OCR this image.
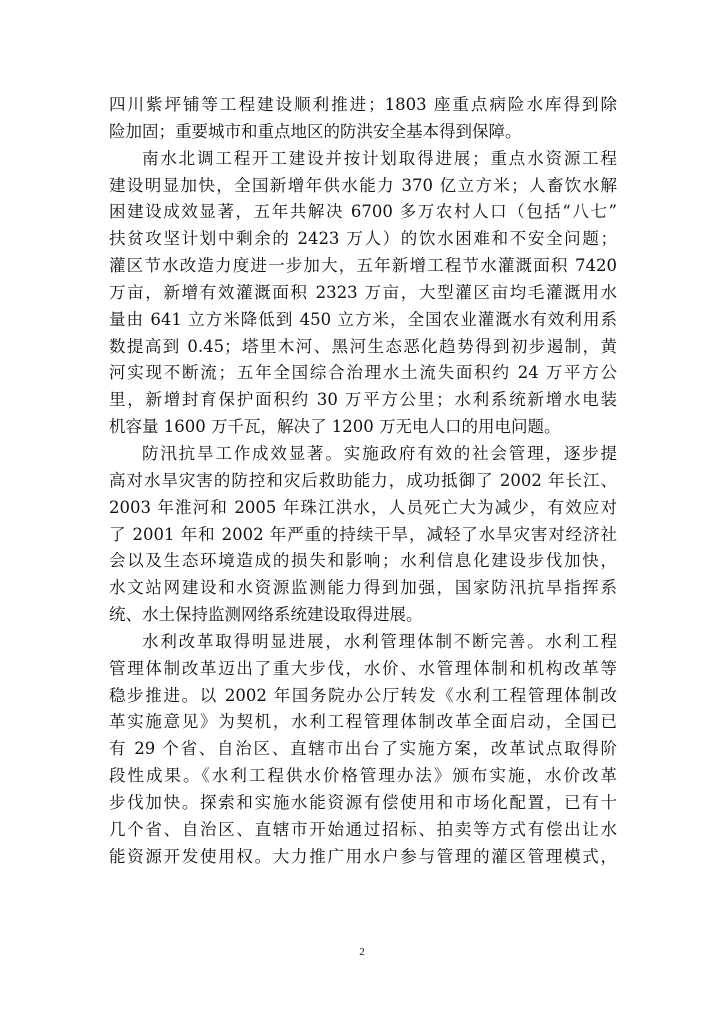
四川紫坪铺等工程建设顺利推进；1803 座重点病险水库得到除
险加固；重要城市和重点地区的防洪安全基本得到保障。
南水北调工程开工建设并按计划取得进展；重点水资源工程
建设明显加快，全国新增年供水能力 370 亿立方米；人畜饮水解
困建设成效显著，五年共解决 6700 多万农村人口（包括“八七”
扶贫攻坚计划中剩余的 2423 万人）的饮水困难和不安全问题；
灌区节水改造力度进一步加大，五年新增工程节水灌溉面积 7420
万亩，新增有效灌溉面积 2323 万亩，大型灌区亩均毛灌溉用水
量由 641 立方米降低到 450 立方米，全国农业灌溉水有效利用系
数提高到 0.45；塔里木河、黑河生态恶化趋势得到初步遏制，黄
河实现不断流；五年全国综合治理水土流失面积约 24 万平方公
里，新增封育保护面积约 30 万平方公里；水利系统新增水电装
机容量 1600 万千瓦，解决了 1200 万无电人口的用电问题。
防汛抗旱工作成效显著。实施政府有效的社会管理，逐步提
高对水旱灾害的防控和灾后救助能力，成功抵御了 2002 年长江、
2003 年淮河和 2005 年珠江洪水，人员死亡大为减少，有效应对
了 2001 年和 2002 年严重的持续干旱，减轻了水旱灾害对经济社
会以及生态环境造成的损失和影响；水利信息化建设步伐加快，
水文站网建设和水资源监测能力得到加强，国家防汛抗旱指挥系
统、水土保持监测网络系统建设取得进展。
水利改革取得明显进展，水利管理体制不断完善。水利工程
管理体制改革迈出了重大步伐，水价、水管理体制和机构改革等
稳步推进。以 2002 年国务院办公厅转发《水利工程管理体制改
革实施意见》为契机，水利工程管理体制改革全面启动，全国已
有 29 个省、自治区、直辖市出台了实施方案，改革试点取得阶
段性成果。《水利工程供水价格管理办法》颁布实施，水价改革
步伐加快。探索和实施水能资源有偿使用和市场化配置，已有十
几个省、自治区、直辖市开始通过招标、拍卖等方式有偿出让水
能资源开发使用权。大力推广用水户参与管理的灌区管理模式，
2
